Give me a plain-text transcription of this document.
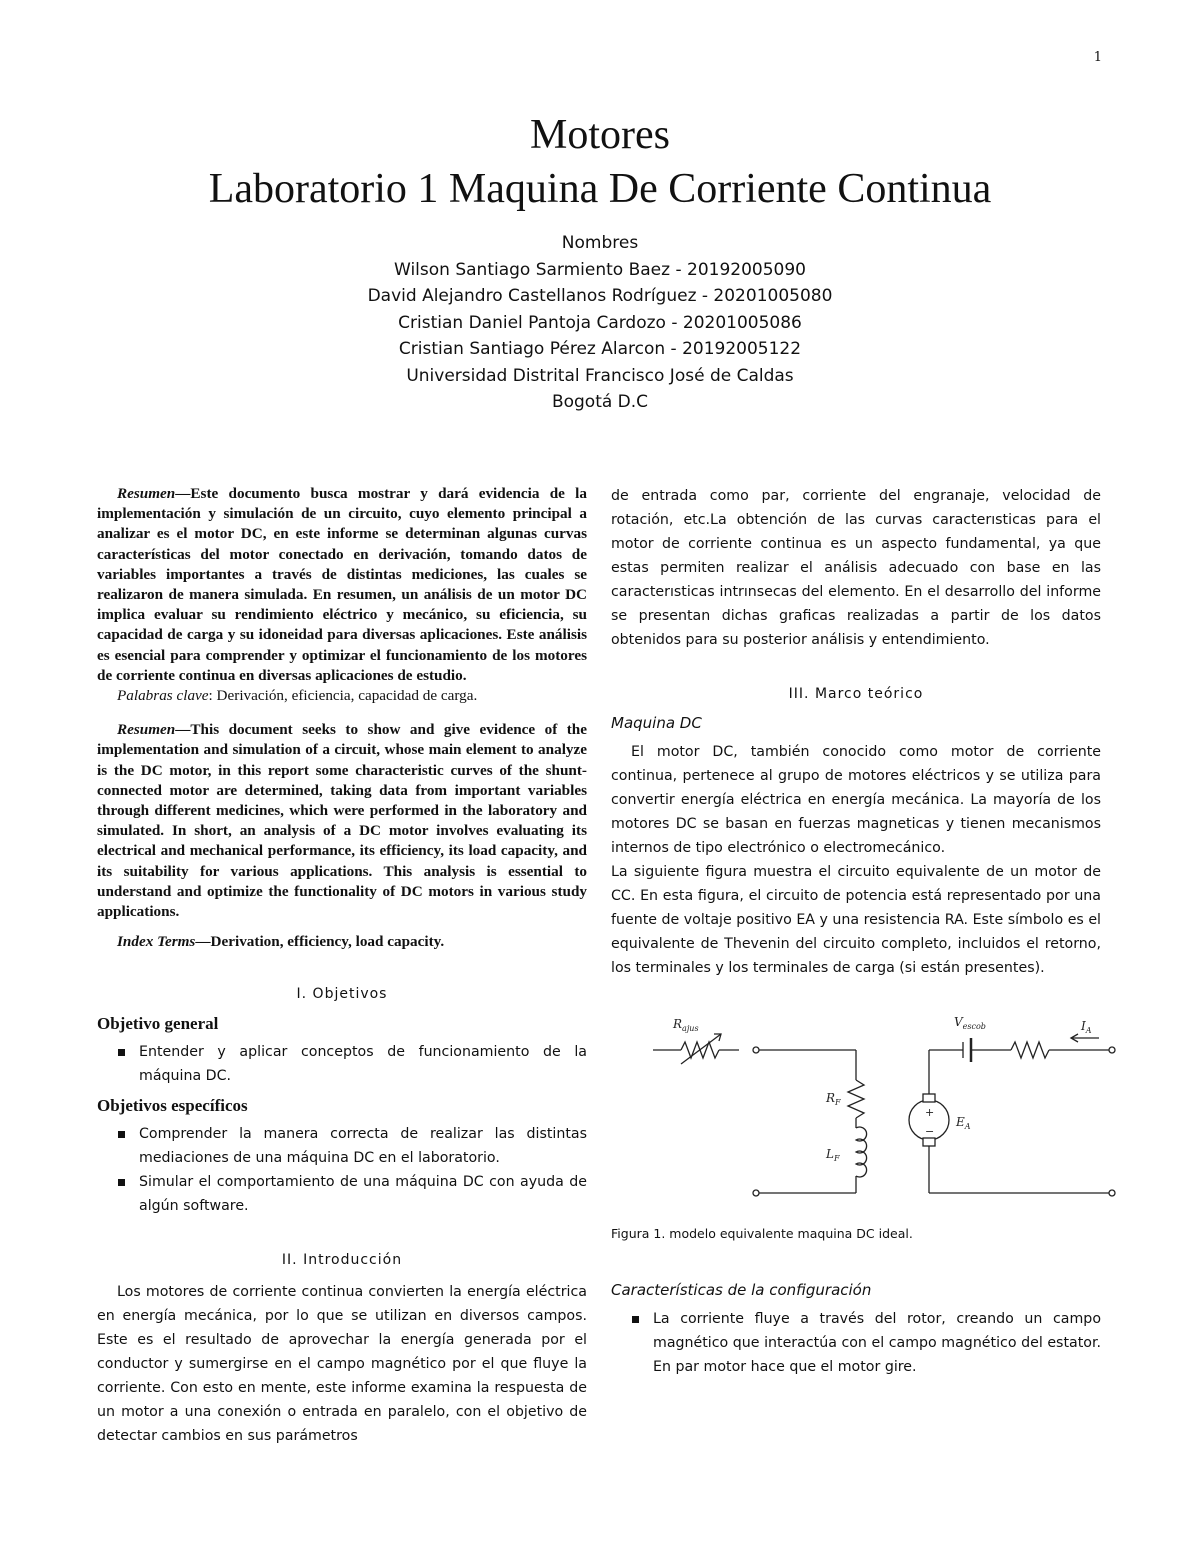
1
Motores
Laboratorio 1 Maquina De Corriente Continua
Nombres
Wilson Santiago Sarmiento Baez - 20192005090
David Alejandro Castellanos Rodríguez - 20201005080
Cristian Daniel Pantoja Cardozo - 20201005086
Cristian Santiago Pérez Alarcon - 20192005122
Universidad Distrital Francisco José de Caldas
Bogotá D.C

Resumen—Este documento busca mostrar y dará evidencia de la implementación y simulación de un circuito, cuyo elemento principal a analizar es el motor DC, en este informe se determinan algunas curvas características del motor conectado en derivación, tomando datos de variables importantes a través de distintas mediciones, las cuales se realizaron de manera simulada. En resumen, un análisis de un motor DC implica evaluar su rendimiento eléctrico y mecánico, su eficiencia, su capacidad de carga y su idoneidad para diversas aplicaciones. Este análisis es esencial para comprender y optimizar el funcionamiento de los motores de corriente continua en diversas aplicaciones de estudio.

Palabras clave: Derivación, eficiencia, capacidad de carga.

Resumen—This document seeks to show and give evidence of the implementation and simulation of a circuit, whose main element to analyze is the DC motor, in this report some characteristic curves of the shunt-connected motor are determined, taking data from important variables through different medicines, which were performed in the laboratory and simulated. In short, an analysis of a DC motor involves evaluating its electrical and mechanical performance, its efficiency, its load capacity, and its suitability for various applications. This analysis is essential to understand and optimize the functionality of DC motors in various study applications.

Index Terms—Derivation, efficiency, load capacity.

I. Objetivos
Objetivo general
Entender y aplicar conceptos de funcionamiento de la máquina DC.
Objetivos específicos
Comprender la manera correcta de realizar las distintas mediaciones de una máquina DC en el laboratorio.
Simular el comportamiento de una máquina DC con ayuda de algún software.
II. Introducción

Los motores de corriente continua convierten la energía eléctrica en energía mecánica, por lo que se utilizan en diversos campos. Este es el resultado de aprovechar la energía generada por el conductor y sumergirse en el campo magnético por el que fluye la corriente. Con esto en mente, este informe examina la respuesta de un motor a una conexión o entrada en paralelo, con el objetivo de detectar cambios en sus parámetros

de entrada como par, corriente del engranaje, velocidad de rotación, etc.La obtención de las curvas caracterısticas para el motor de corriente continua es un aspecto fundamental, ya que estas permiten realizar el análisis adecuado con base en las caracterısticas intrınsecas del elemento. En el desarrollo del informe se presentan dichas graficas realizadas a partir de los datos obtenidos para su posterior análisis y entendimiento.

III. Marco teórico
Maquina DC

El motor DC, también conocido como motor de corriente continua, pertenece al grupo de motores eléctricos y se utiliza para convertir energía eléctrica en energía mecánica. La mayoría de los motores DC se basan en fuerzas magneticas y tienen mecanismos internos de tipo electrónico o electromecánico.

La siguiente figura muestra el circuito equivalente de un motor de CC. En esta figura, el circuito de potencia está representado por una fuente de voltaje positivo EA y una resistencia RA. Este símbolo es el equivalente de Thevenin del circuito completo, incluidos el retorno, los terminales y los terminales de carga (si están presentes).

$R_{ajus}$
$R_F$
$L_F$
$V_{escob}$	$I_A$
$E_A$
+
−
Figura 1. modelo equivalente maquina DC ideal.
Características de la configuración
La corriente fluye a través del rotor, creando un campo magnético que interactúa con el campo magnético del estator. En par motor hace que el motor gire.
